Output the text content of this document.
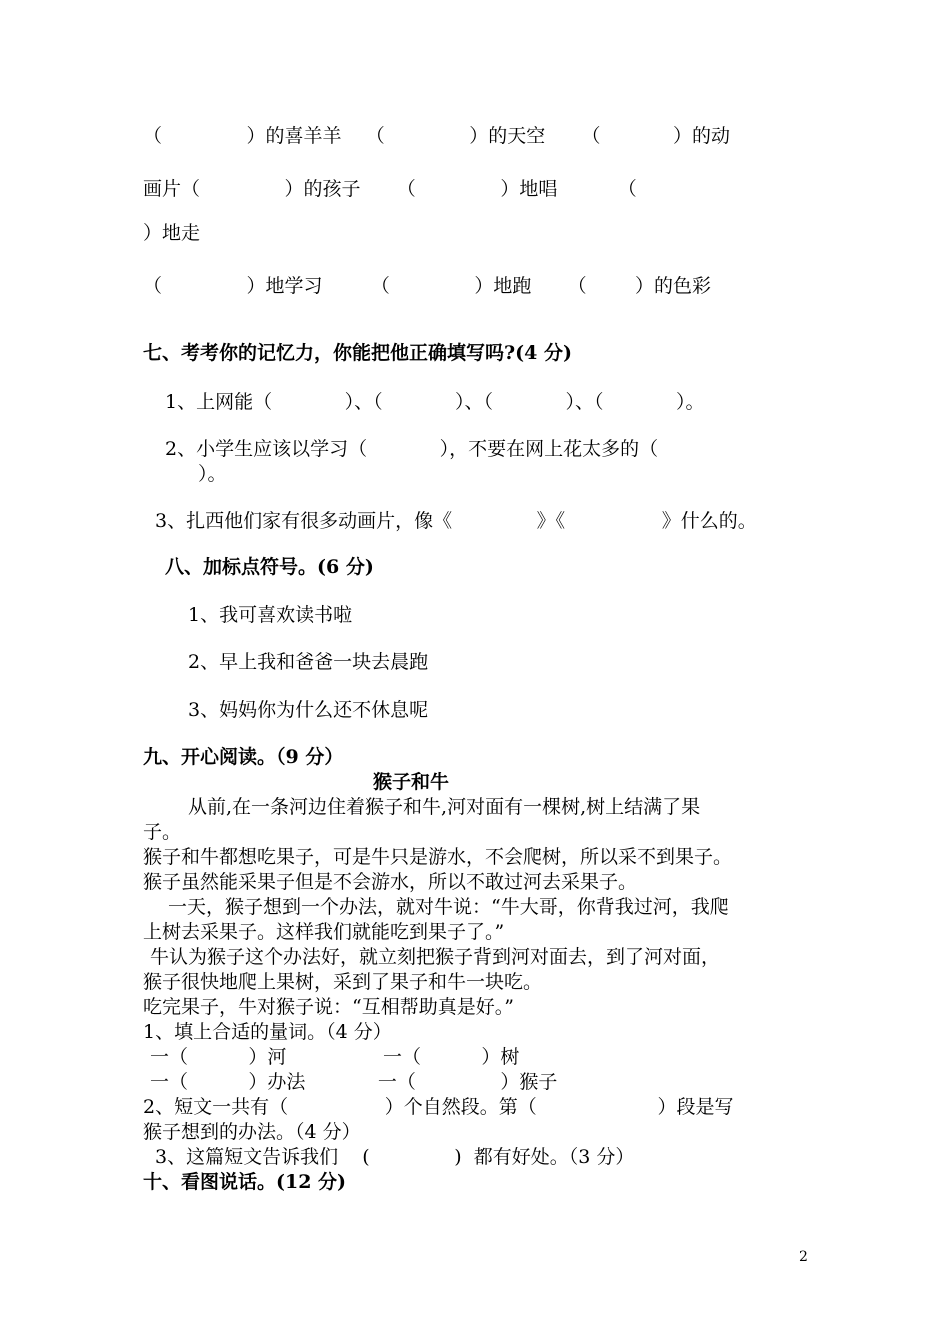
（              ）的喜羊羊    （              ）的天空      （            ）的动
画片（              ）的孩子      （              ）地唱          （
）地走
（              ）地学习        （              ）地跑      （        ）的色彩
七、考考你的记忆力，你能把他正确填写吗?(4 分)
1、上网能（            ）、（            ）、（            ）、（            ）。
2、小学生应该以学习（            ），不要在网上花太多的（
）。
3、扎西他们家有很多动画片，像《              》《                》什么的。
八、加标点符号。(6 分)
1、我可喜欢读书啦
2、早上我和爸爸一块去晨跑
3、妈妈你为什么还不休息呢
九、开心阅读。（9 分）
猴子和牛
从前,在一条河边住着猴子和牛,河对面有一棵树,树上结满了果
子。
猴子和牛都想吃果子，可是牛只是游水，不会爬树，所以采不到果子。
猴子虽然能采果子但是不会游水，所以不敢过河去采果子。
一天，猴子想到一个办法，就对牛说：“牛大哥，你背我过河，我爬
上树去采果子。这样我们就能吃到果子了。”
牛认为猴子这个办法好，就立刻把猴子背到河对面去，到了河对面，
猴子很快地爬上果树，采到了果子和牛一块吃。
吃完果子，牛对猴子说：“互相帮助真是好。”
1、填上合适的量词。（4 分）
一（          ）河                一（          ）树
一（          ）办法            一（              ）猴子
2、短文一共有（                ）个自然段。第（                    ）段是写
猴子想到的办法。（4 分）
3、这篇短文告诉我们    (              )  都有好处。（3 分）
十、看图说话。(12 分)
2
